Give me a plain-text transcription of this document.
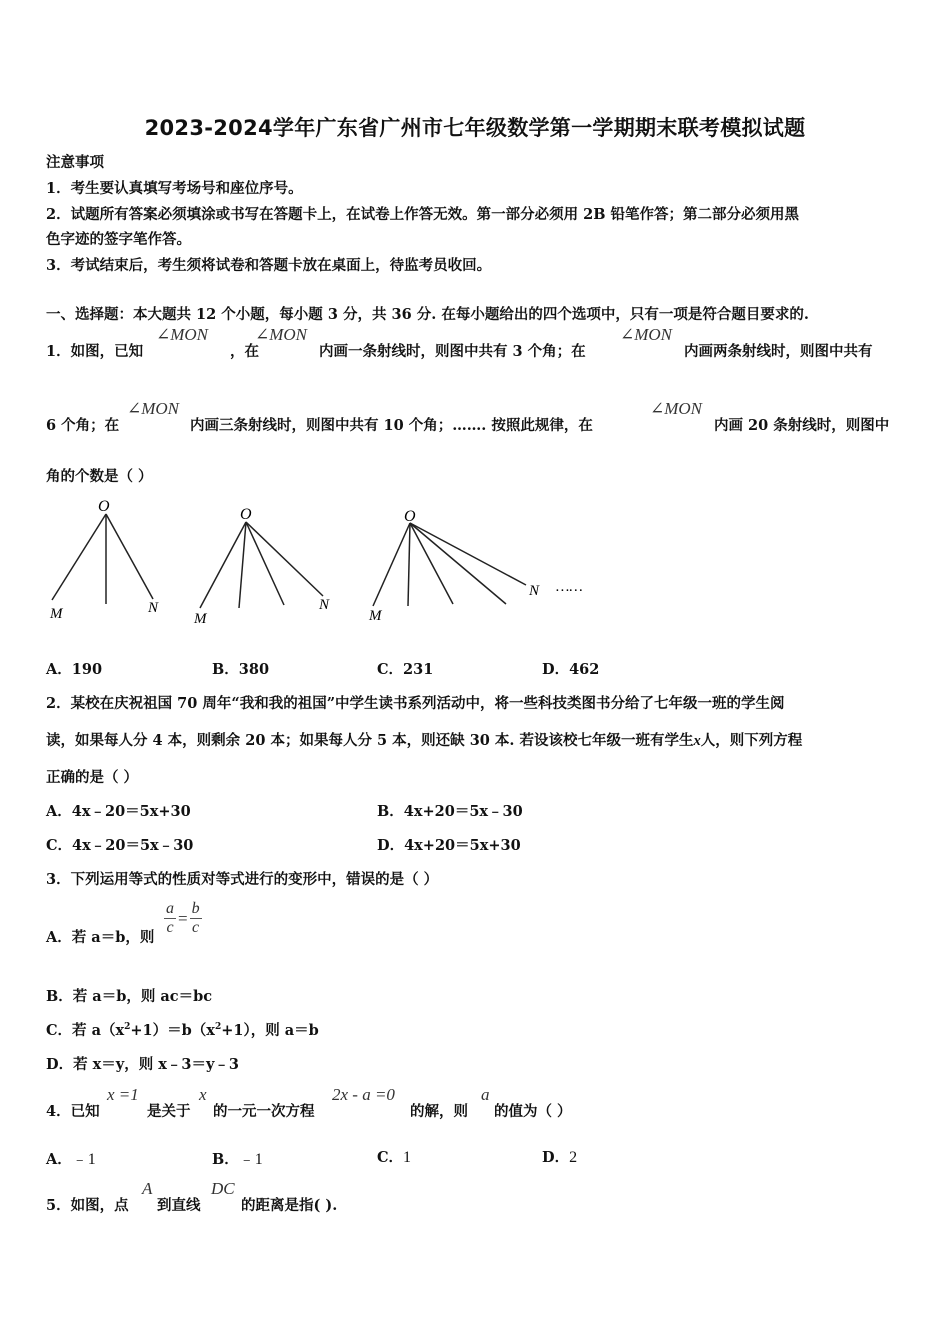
2023-2024学年广东省广州市七年级数学第一学期期末联考模拟试题
注意事项
1．考生要认真填写考场号和座位序号。
2．试题所有答案必须填涂或书写在答题卡上，在试卷上作答无效。第一部分必须用 2B 铅笔作答；第二部分必须用黑
色字迹的签字笔作答。
3．考试结束后，考生须将试卷和答题卡放在桌面上，待监考员收回。
一、选择题：本大题共 12 个小题，每小题 3 分，共 36 分. 在每小题给出的四个选项中，只有一项是符合题目要求的.
1．如图，已知
∠MON
，在
∠MON
内画一条射线时，则图中共有 3 个角；在
∠MON
内画两条射线时，则图中共有
6 个角；在
∠MON
内画三条射线时，则图中共有 10 个角；……. 按照此规律，在
∠MON
内画 20 条射线时，则图中
角的个数是（ ）
O
M	N
O
M
N
O
M
N ……
A．190	B．380	C．231	D．462
2．某校在庆祝祖国 70 周年“我和我的祖国”中学生读书系列活动中，将一些科技类图书分给了七年级一班的学生阅
读，如果每人分 4 本，则剩余 20 本；如果每人分 5 本，则还缺 30 本. 若设该校七年级一班有学生x人，则下列方程
正确的是（ ）
A．4x﹣20＝5x+30	B．4x+20＝5x﹣30
C．4x﹣20＝5x﹣30	D．4x+20＝5x+30
3．下列运用等式的性质对等式进行的变形中，错误的是（ ）
A．若 a＝b，则
$\frac{a}{c} = \frac{b}{c}$
B．若 a＝b，则 ac＝bc
C．若 $a(x^2+1)=b(x^2+1)$，则 a＝b
D．若 x＝y，则 x﹣3＝y﹣3
4．已知
x =1
是关于
x
的一元一次方程
2x - a =0
的解，则
a
的值为（ ）
A．﹣1	B．﹣1	C．1	D．2
5．如图，点
A
到直线
DC
的距离是指( ).
